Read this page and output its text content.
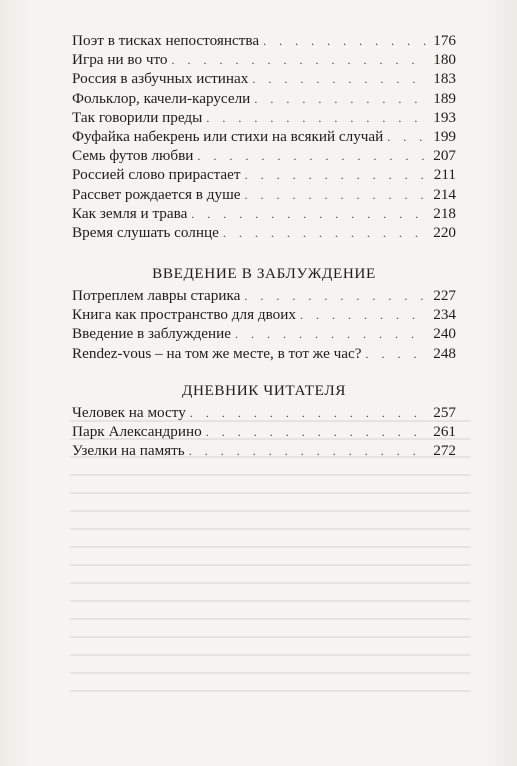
Поэт в тисках непостоянства . . .	176
Игра ни во что . . .	180
Россия в азбучных истинах . . .	183
Фольклор, качели-карусели . . .	189
Так говорили преды . . .	193
Фуфайка набекрень или стихи на всякий случай . . .	199
Семь футов любви . . .	207
Россией слово прирастает . . .	211
Рассвет рождается в душе . . .	214
Как земля и трава . . .	218
Время слушать солнце . . .	220
ВВЕДЕНИЕ В ЗАБЛУЖДЕНИЕ
Потреплем лавры старика . . .	227
Книга как пространство для двоих . . .	234
Введение в заблуждение . . .	240
Rendez-vous – на том же месте, в тот же час? . . .	248
ДНЕВНИК ЧИТАТЕЛЯ
Человек на мосту . . .	257
Парк Александрино . . .	261
Узелки на память . . .	272
